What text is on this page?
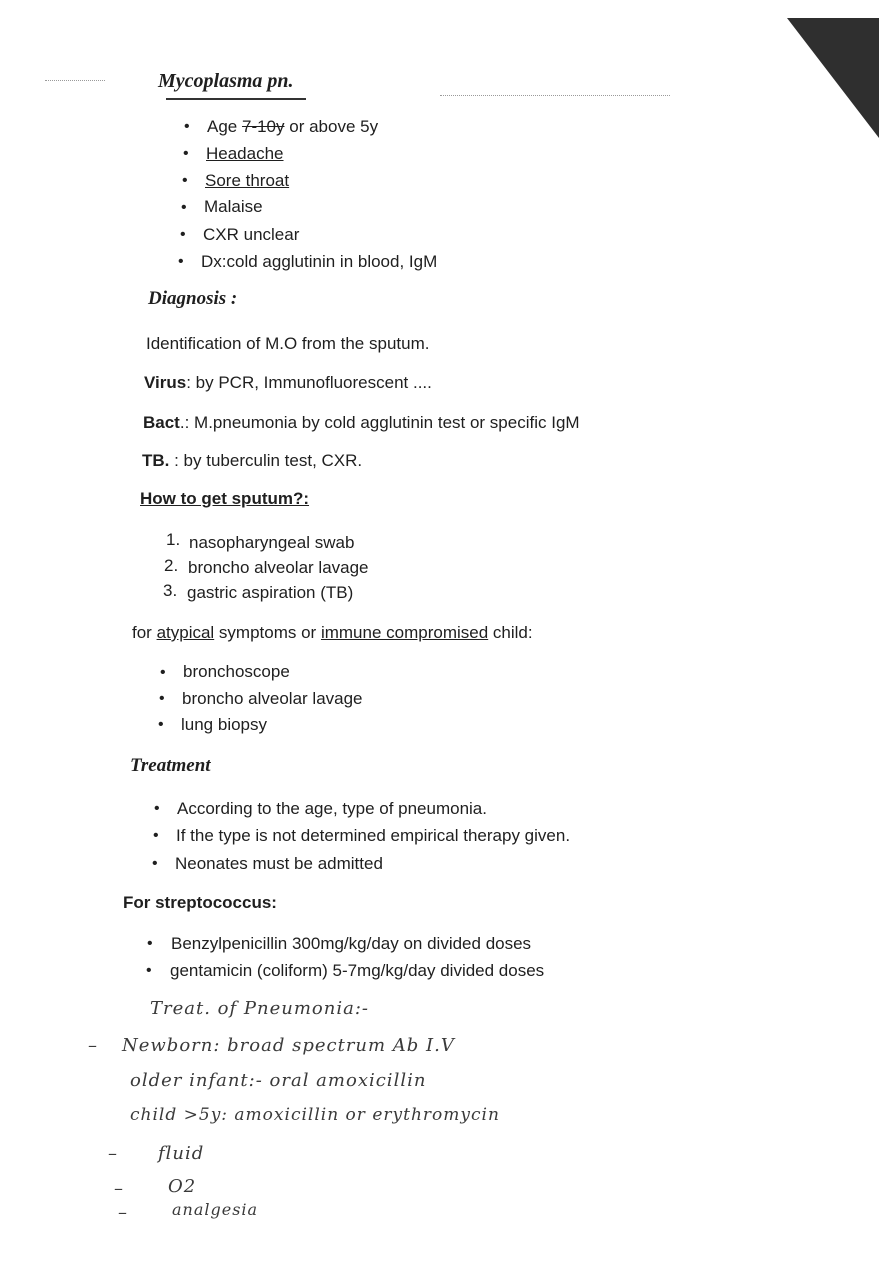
Mycoplasma pn.
• Age 7-10y or above 5y
• Headache
• Sore throat
• Malaise
• CXR unclear
• Dx:cold agglutinin in blood, IgM
Diagnosis :
Identification of M.O from the sputum.
Virus: by PCR, Immunofluorescent ....
Bact.: M.pneumonia by cold agglutinin test or specific IgM
TB. : by tuberculin test, CXR.
How to get sputum?:
1. nasopharyngeal swab
2. broncho alveolar lavage
3. gastric aspiration (TB)
for atypical symptoms or immune compromised child:
• bronchoscope
• broncho alveolar lavage
• lung biopsy
Treatment
• According to the age, type of pneumonia.
• If the type is not determined empirical therapy given.
• Neonates must be admitted
For streptococcus:
• Benzylpenicillin 300mg/kg/day on divided doses
• gentamicin (coliform) 5-7mg/kg/day divided doses
Treat. of Pneumonia:-
– Newborn: broad spectrum Ab I.V
older infant:- oral amoxicillin
child >5y: amoxicillin or erythromycin
– fluid
– O2
–	analgesia
